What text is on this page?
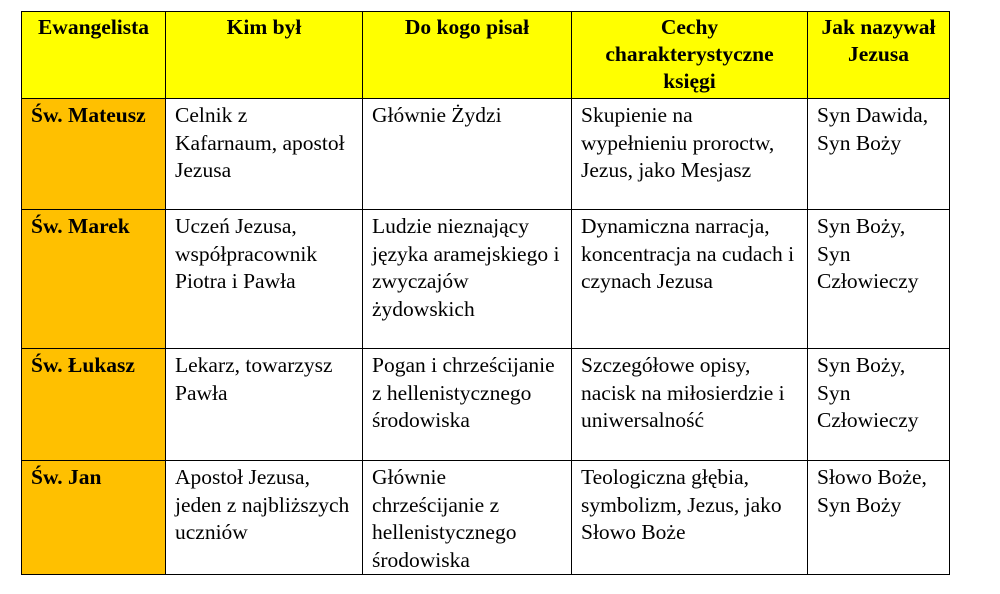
Ewangelista	Kim był	Do kogo pisał	Cechy charakterystyczne księgi	Jak nazywał Jezusa

Św. Mateusz	Celnik z Kafarnaum, apostoł Jezusa	Głównie Żydzi	Skupienie na wypełnieniu proroctw, Jezus, jako Mesjasz	Syn Dawida, Syn Boży

Św. Marek	Uczeń Jezusa, współpracownik Piotra i Pawła	Ludzie nieznający języka aramejskiego i zwyczajów żydowskich	Dynamiczna narracja, koncentracja na cudach i czynach Jezusa	Syn Boży, Syn Człowieczy

Św. Łukasz	Lekarz, towarzysz Pawła	Pogan i chrześcijanie z hellenistycznego środowiska	Szczegółowe opisy, nacisk na miłosierdzie i uniwersalność	Syn Boży, Syn Człowieczy

Św. Jan	Apostoł Jezusa, jeden z najbliższych uczniów	Głównie chrześcijanie z hellenistycznego środowiska	Teologiczna głębia, symbolizm, Jezus, jako Słowo Boże	Słowo Boże, Syn Boży
